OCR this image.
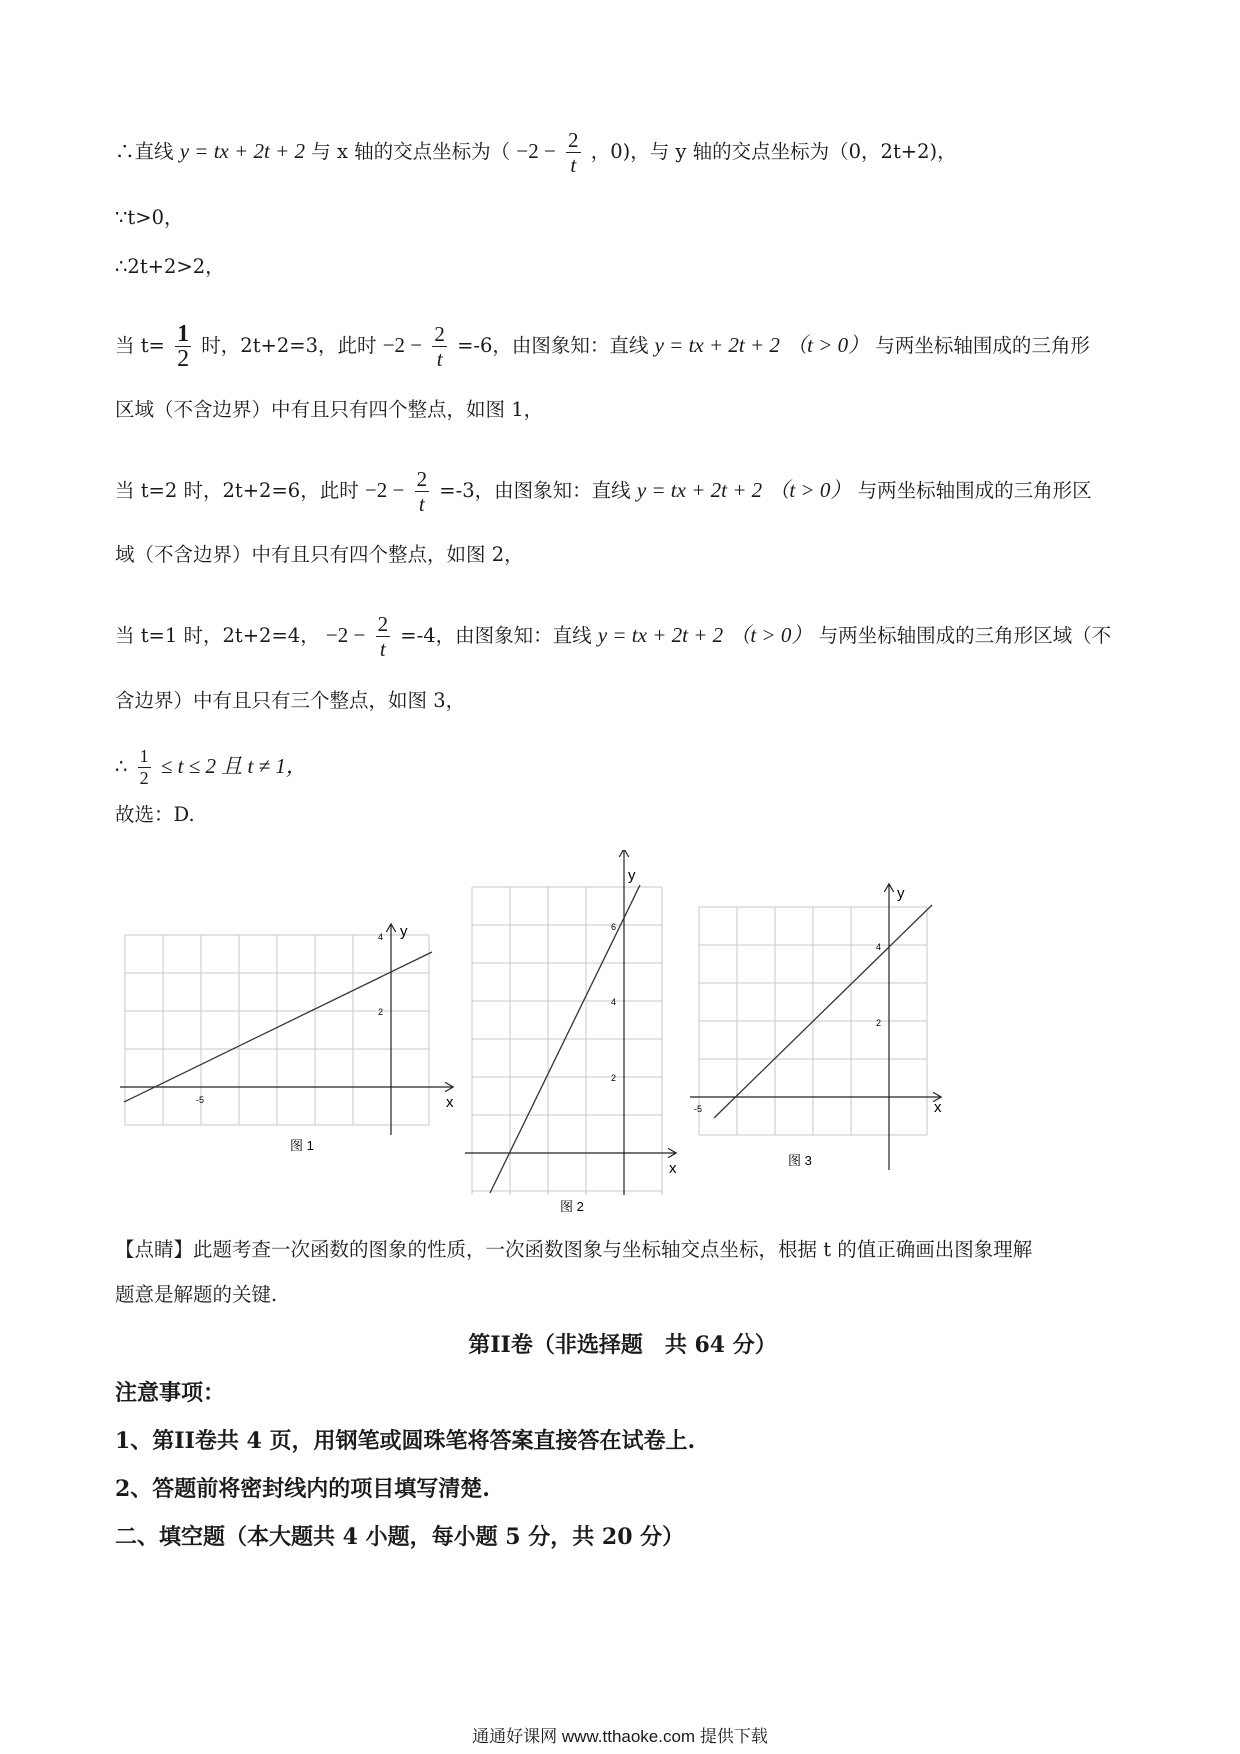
∴直线 y = tx + 2t + 2 与 x 轴的交点坐标为（ $-2 - \frac{2}{t}$ ，0)，与 y 轴的交点坐标为（0，2t+2)，
∵t>0，
∴2t+2>2，
当 $t= \frac{1}{2}$ 时，2t+2=3，此时 $-2 - \frac{2}{t} =-6$，由图象知：直线 y = tx + 2t + 2 （t > 0） 与两坐标轴围成的三角形
区域（不含边界）中有且只有四个整点，如图 1，
当 t=2 时，2t+2=6，此时 $-2 - \frac{2}{t} =-3$，由图象知：直线 y = tx + 2t + 2 （t > 0） 与两坐标轴围成的三角形区
域（不含边界）中有且只有四个整点，如图 2，
当 t=1 时，2t+2=4， $-2 - \frac{2}{t} =-4$，由图象知：直线 y = tx + 2t + 2 （t > 0） 与两坐标轴围成的三角形区域（不
含边界）中有且只有三个整点，如图 3，
∴ $\frac{1}{2} \le t \le 2$ 且 t ≠ 1，
故选：D.
x
y
-5
4
2
图 1
x
y
6
4
2
图 2
x
y
-5
4
2
图 3
【点睛】此题考查一次函数的图象的性质，一次函数图象与坐标轴交点坐标，根据 t 的值正确画出图象理解
题意是解题的关键.
第II卷（非选择题　共 64 分）
注意事项：
1、第II卷共 4 页，用钢笔或圆珠笔将答案直接答在试卷上.
2、答题前将密封线内的项目填写清楚.
二、填空题（本大题共 4 小题，每小题 5 分，共 20 分）
通通好课网 www.tthaoke.com 提供下载
